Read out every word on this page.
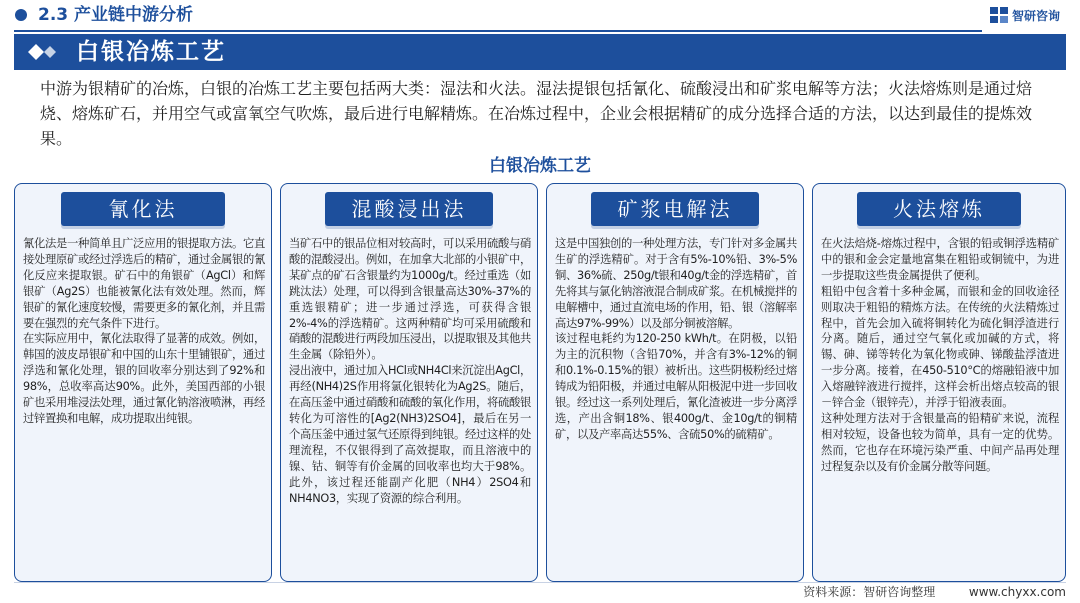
2.3 产业链中游分析	智研咨询
白银冶炼工艺
中游为银精矿的冶炼，白银的冶炼工艺主要包括两大类：湿法和火法。湿法提银包括氰化、硫酸浸出和矿浆电解等方法；火法熔炼则是通过焙烧、熔炼矿石，并用空气或富氧空气吹炼，最后进行电解精炼。在冶炼过程中，企业会根据精矿的成分选择合适的方法，以达到最佳的提炼效果。
白银冶炼工艺
氰化法

氰化法是一种简单且广泛应用的银提取方法。它直接处理原矿或经过浮选后的精矿，通过金属银的氰化反应来提取银。矿石中的角银矿（AgCl）和辉银矿（Ag2S）也能被氰化法有效处理。然而，辉银矿的氰化速度较慢，需要更多的氰化剂，并且需要在强烈的充气条件下进行。

在实际应用中，氰化法取得了显著的成效。例如，韩国的波皮昂银矿和中国的山东十里铺银矿，通过浮选和氰化处理，银的回收率分别达到了92%和98%，总收率高达90%。此外，美国西部的小银矿也采用堆浸法处理，通过氰化钠溶液喷淋，再经过锌置换和电解，成功提取出纯银。

混酸浸出法

当矿石中的银品位相对较高时，可以采用硫酸与硝酸的混酸浸出。例如，在加拿大北部的小银矿中，某矿点的矿石含银量约为1000g/t。经过重选（如跳汰法）处理，可以得到含银量高达30%-37%的重选银精矿；进一步通过浮选，可获得含银2%-4%的浮选精矿。这两种精矿均可采用硫酸和硝酸的混酸进行两段加压浸出，以提取银及其他共生金属（除铅外）。

浸出液中，通过加入HCl或NH4Cl来沉淀出AgCl，再经(NH4)2S作用将氯化银转化为Ag2S。随后，在高压釜中通过硝酸和硫酸的氧化作用，将硫酸银转化为可溶性的[Ag2(NH3)2SO4]，最后在另一个高压釜中通过氢气还原得到纯银。经过这样的处理流程，不仅银得到了高效提取，而且溶液中的镍、钴、铜等有价金属的回收率也均大于98%。此外，该过程还能副产化肥（NH4）2SO4和NH4NO3，实现了资源的综合利用。

矿浆电解法

这是中国独创的一种处理方法，专门针对多金属共生矿的浮选精矿。对于含有5%-10%铅、3%-5%铜、36%硫、250g/t银和40g/t金的浮选精矿，首先将其与氯化钠溶液混合制成矿浆。在机械搅拌的电解槽中，通过直流电场的作用，铅、银（溶解率高达97%-99%）以及部分铜被溶解。

该过程电耗约为120-250 kWh/t。在阴极，以铅为主的沉积物（含铅70%，并含有3%-12%的铜和0.1%-0.15%的银）被析出。这些阴极粉经过熔铸成为铅阳极，并通过电解从阳极泥中进一步回收银。经过这一系列处理后，氰化渣被进一步分离浮选，产出含铜18%、银400g/t、金10g/t的铜精矿，以及产率高达55%、含硫50%的硫精矿。

火法熔炼

在火法焙烧-熔炼过程中，含银的铅或铜浮选精矿中的银和金会定量地富集在粗铅或铜锍中，为进一步提取这些贵金属提供了便利。

粗铅中包含着十多种金属，而银和金的回收途径则取决于粗铅的精炼方法。在传统的火法精炼过程中，首先会加入硫将铜转化为硫化铜浮渣进行分离。随后，通过空气氧化或加碱的方式，将锡、砷、锑等转化为氧化物或砷、锑酸盐浮渣进一步分离。接着，在450-510°C的熔融铅液中加入熔融锌液进行搅拌，这样会析出熔点较高的银－锌合金（银锌壳），并浮于铅液表面。

这种处理方法对于含银量高的铅精矿来说，流程相对较短，设备也较为简单，具有一定的优势。然而，它也存在环境污染严重、中间产品再处理过程复杂以及有价金属分散等问题。

资料来源：智研咨询整理	www.chyxx.com
